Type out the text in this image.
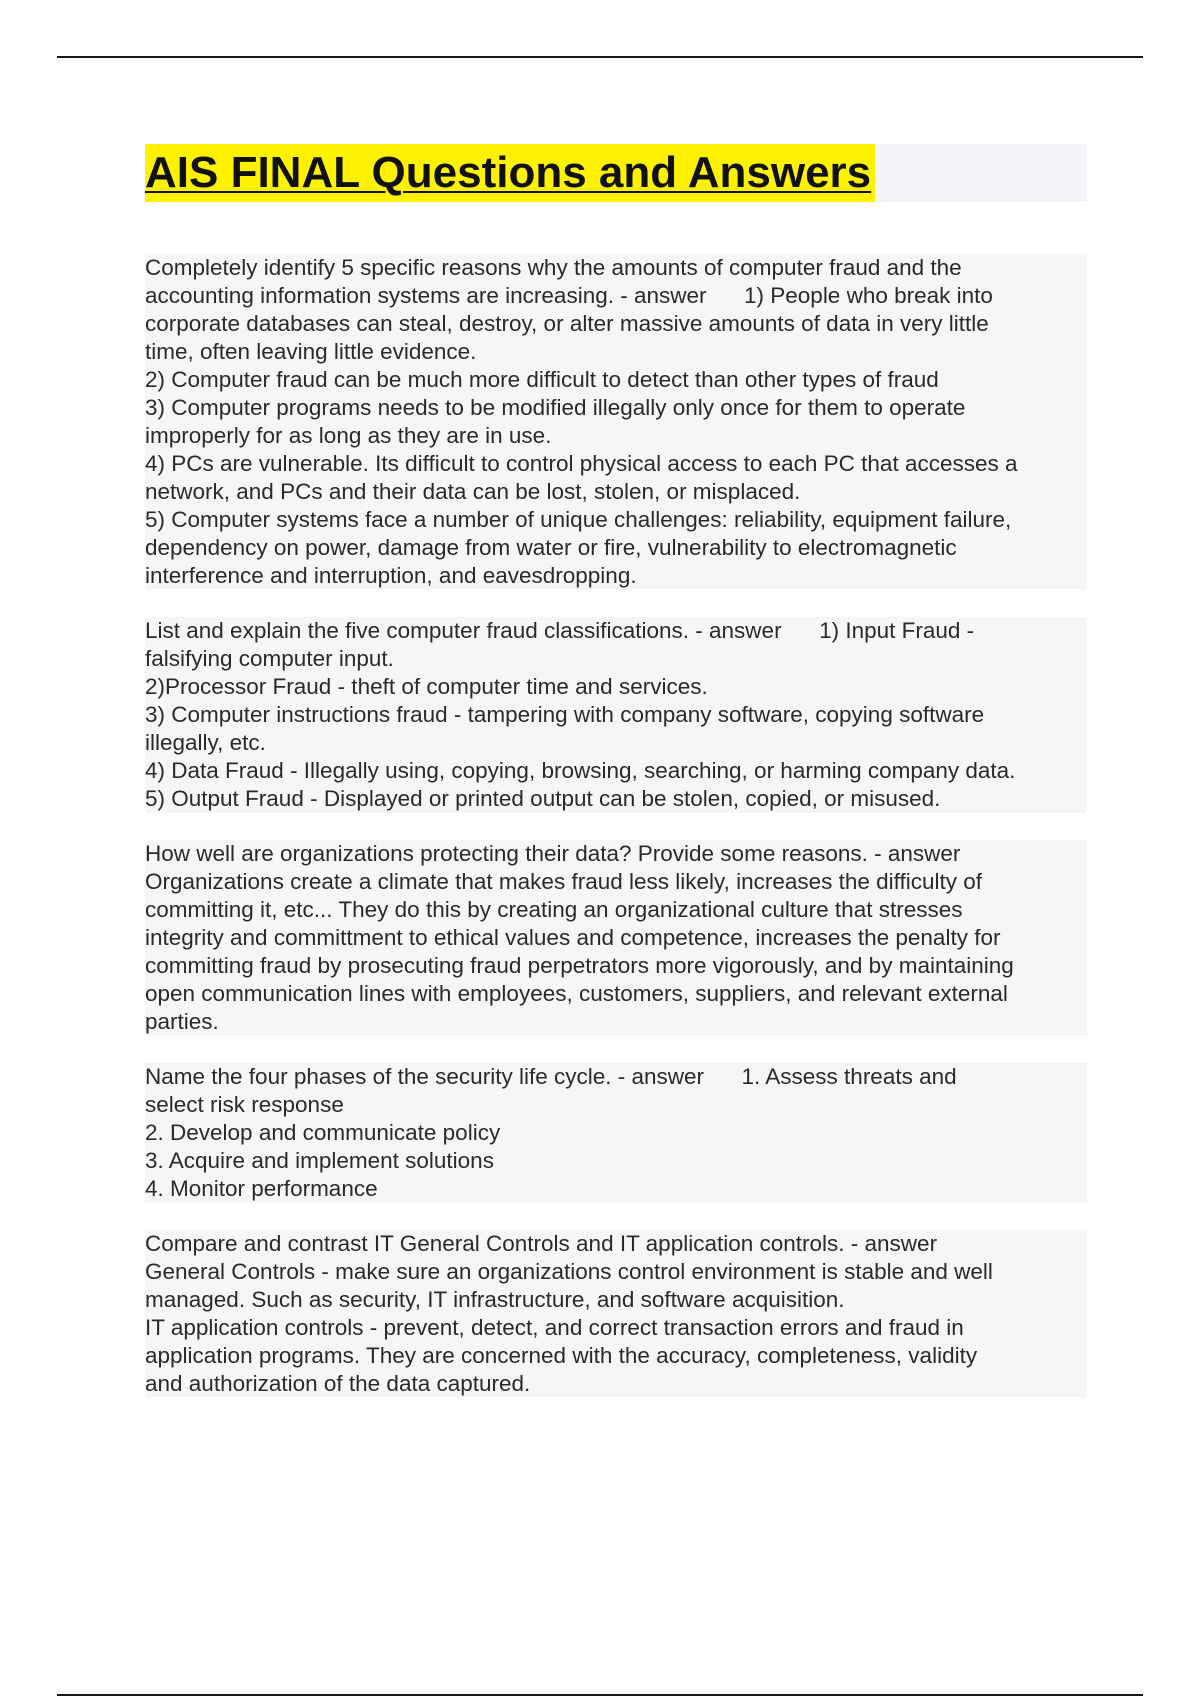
AIS FINAL Questions and Answers

Completely identify 5 specific reasons why the amounts of computer fraud and the

accounting information systems are increasing. - answer      1) People who break into

corporate databases can steal, destroy, or alter massive amounts of data in very little

time, often leaving little evidence.

2) Computer fraud can be much more difficult to detect than other types of fraud

3) Computer programs needs to be modified illegally only once for them to operate

improperly for as long as they are in use.

4) PCs are vulnerable. Its difficult to control physical access to each PC that accesses a

network, and PCs and their data can be lost, stolen, or misplaced.

5) Computer systems face a number of unique challenges: reliability, equipment failure,

dependency on power, damage from water or fire, vulnerability to electromagnetic

interference and interruption, and eavesdropping.

List and explain the five computer fraud classifications. - answer      1) Input Fraud -

falsifying computer input.

2)Processor Fraud - theft of computer time and services.

3) Computer instructions fraud - tampering with company software, copying software

illegally, etc.

4) Data Fraud - Illegally using, copying, browsing, searching, or harming company data.

5) Output Fraud - Displayed or printed output can be stolen, copied, or misused.

How well are organizations protecting their data? Provide some reasons. - answer

Organizations create a climate that makes fraud less likely, increases the difficulty of

committing it, etc... They do this by creating an organizational culture that stresses

integrity and committment to ethical values and competence, increases the penalty for

committing fraud by prosecuting fraud perpetrators more vigorously, and by maintaining

open communication lines with employees, customers, suppliers, and relevant external

parties.

Name the four phases of the security life cycle. - answer      1. Assess threats and

select risk response

2. Develop and communicate policy

3. Acquire and implement solutions

4. Monitor performance

Compare and contrast IT General Controls and IT application controls. - answer

General Controls - make sure an organizations control environment is stable and well

managed. Such as security, IT infrastructure, and software acquisition.

IT application controls - prevent, detect, and correct transaction errors and fraud in

application programs. They are concerned with the accuracy, completeness, validity

and authorization of the data captured.
